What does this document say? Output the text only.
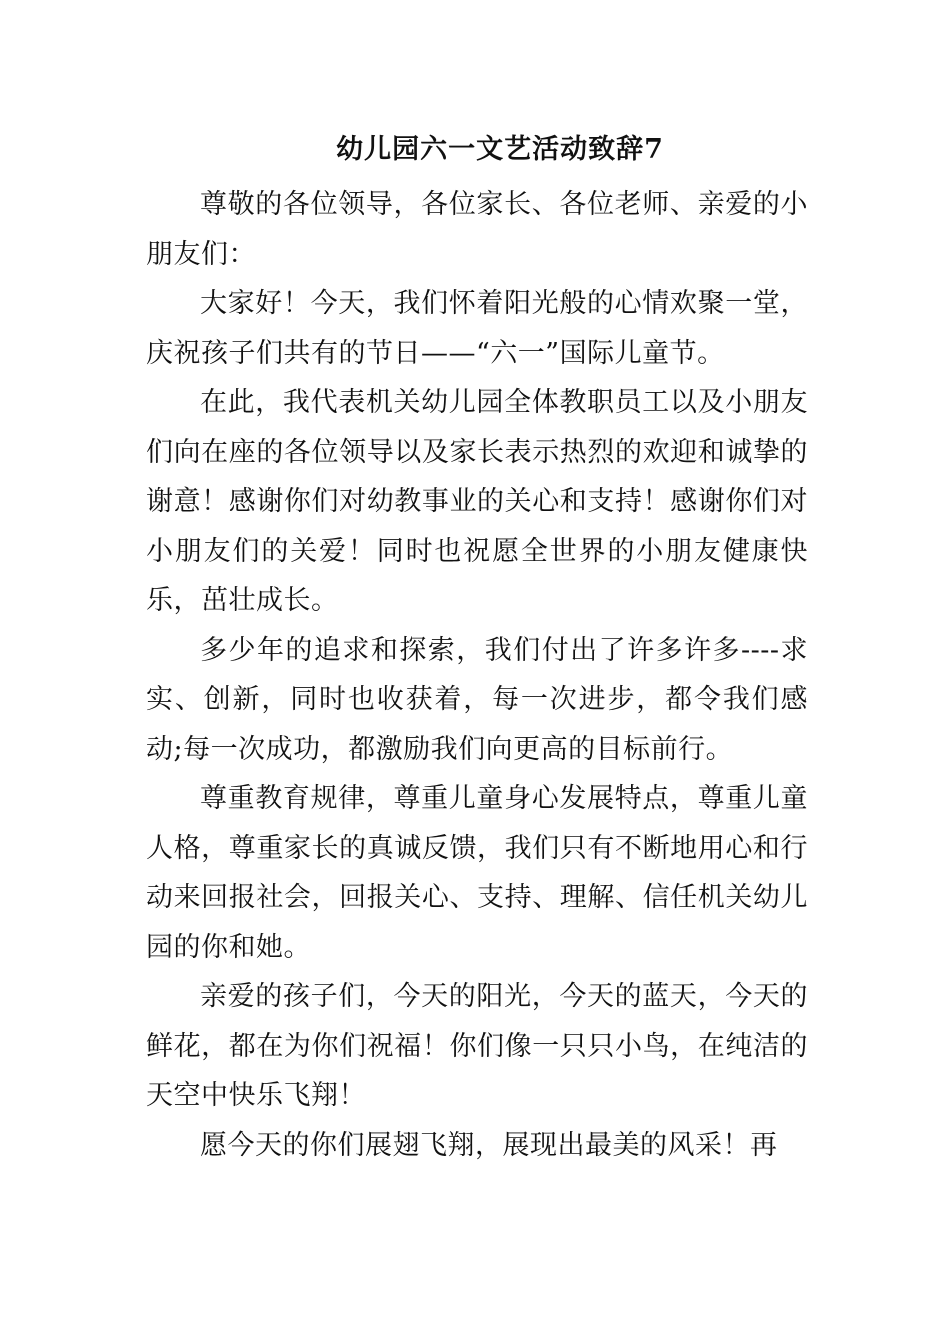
幼儿园六一文艺活动致辞7

尊敬的各位领导，各位家长、各位老师、亲爱的小朋友们：

大家好！今天，我们怀着阳光般的心情欢聚一堂，庆祝孩子们共有的节日——“六一”国际儿童节。

在此，我代表机关幼儿园全体教职员工以及小朋友们向在座的各位领导以及家长表示热烈的欢迎和诚挚的谢意！感谢你们对幼教事业的关心和支持！感谢你们对小朋友们的关爱！同时也祝愿全世界的小朋友健康快乐，茁壮成长。

多少年的追求和探索，我们付出了许多许多----求实、创新，同时也收获着，每一次进步，都令我们感动;每一次成功，都激励我们向更高的目标前行。

尊重教育规律，尊重儿童身心发展特点，尊重儿童人格，尊重家长的真诚反馈，我们只有不断地用心和行动来回报社会，回报关心、支持、理解、信任机关幼儿园的你和她。

亲爱的孩子们，今天的阳光，今天的蓝天，今天的鲜花，都在为你们祝福！你们像一只只小鸟，在纯洁的天空中快乐飞翔！

愿今天的你们展翅飞翔，展现出最美的风采！再
